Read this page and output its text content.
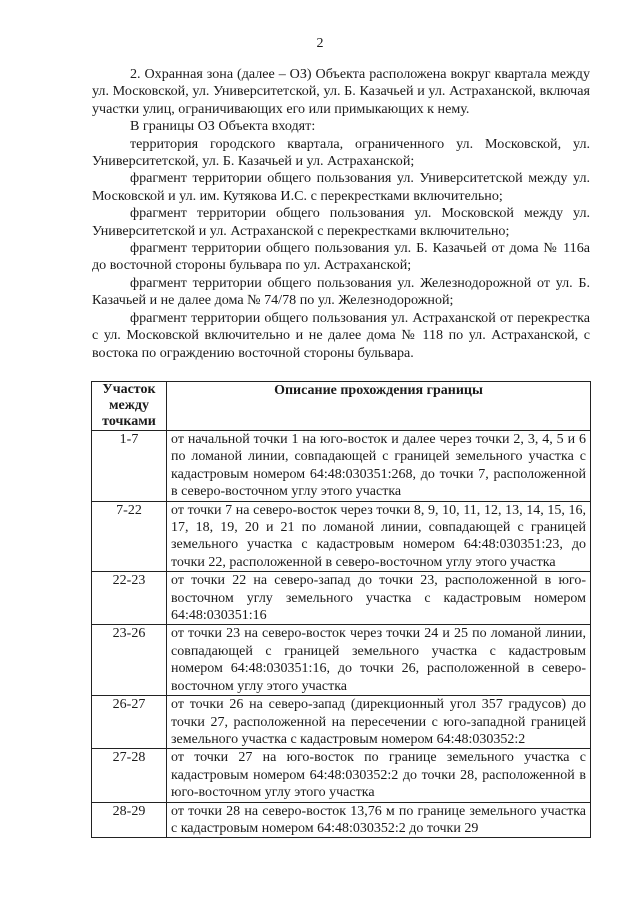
2

2. Охранная зона (далее – ОЗ) Объекта расположена вокруг квартала между ул. Московской, ул. Университетской, ул. Б. Казачьей и ул. Астраханской, включая участки улиц, ограничивающих его или примыкающих к нему.

В границы ОЗ Объекта входят:

территория городского квартала, ограниченного ул. Московской, ул. Университетской, ул. Б. Казачьей и ул. Астраханской;

фрагмент территории общего пользования ул. Университетской между ул. Московской и ул. им. Кутякова И.С. с перекрестками включительно;

фрагмент территории общего пользования ул. Московской между ул. Университетской и ул. Астраханской с перекрестками включительно;

фрагмент территории общего пользования ул. Б. Казачьей от дома № 116а до восточной стороны бульвара по ул. Астраханской;

фрагмент территории общего пользования ул. Железнодорожной от ул. Б. Казачьей и не далее дома № 74/78 по ул. Железнодорожной;

фрагмент территории общего пользования ул. Астраханской от перекрестка с ул. Московской включительно и не далее дома № 118 по ул. Астраханской, с востока по ограждению восточной стороны бульвара.

Участок между точками	Описание прохождения границы
1-7	от начальной точки 1 на юго-восток и далее через точки 2, 3, 4, 5 и 6 по ломаной линии, совпадающей с границей земельного участка с кадастровым номером 64:48:030351:268, до точки 7, расположенной в северо-восточном углу этого участка
7-22	от точки 7 на северо-восток через точки 8, 9, 10, 11, 12, 13, 14, 15, 16, 17, 18, 19, 20 и 21 по ломаной линии, совпадающей с границей земельного участка с кадастровым номером 64:48:030351:23, до точки 22, расположенной в северо-восточном углу этого участка
22-23	от точки 22 на северо-запад до точки 23, расположенной в юго-восточном углу земельного участка с кадастровым номером 64:48:030351:16
23-26	от точки 23 на северо-восток через точки 24 и 25 по ломаной линии, совпадающей с границей земельного участка с кадастровым номером 64:48:030351:16, до точки 26, расположенной в северо-восточном углу этого участка
26-27	от точки 26 на северо-запад (дирекционный угол 357 градусов) до точки 27, расположенной на пересечении с юго-западной границей земельного участка с кадастровым номером 64:48:030352:2
27-28	от точки 27 на юго-восток по границе земельного участка с кадастровым номером 64:48:030352:2 до точки 28, расположенной в юго-восточном углу этого участка
28-29	от точки 28 на северо-восток 13,76 м по границе земельного участка с кадастровым номером 64:48:030352:2 до точки 29
